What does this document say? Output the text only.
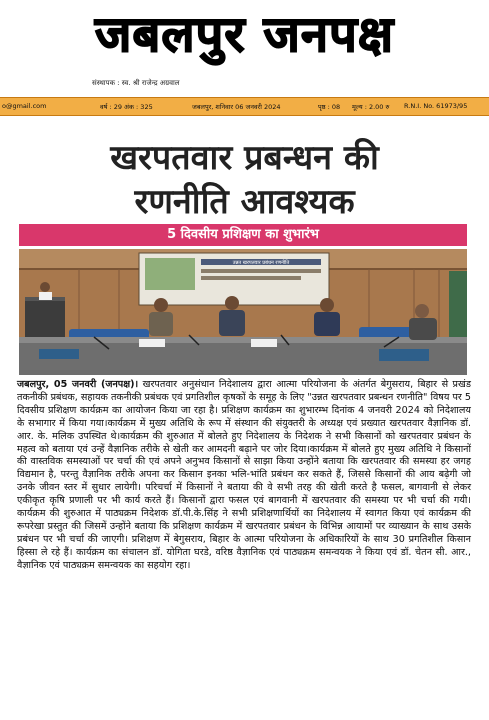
जबलपुर जनपक्ष
संस्थापक : स्व. श्री राजेन्द्र अग्रवाल
o@gmail.com	वर्ष : 29 अंक : 325	जबलपुर, शनिवार 06 जनवरी 2024	पृष्ठ : 08 मूल्य : 2.00 रु R.N.I. No. 61973/95
खरपतवार प्रबन्धन की
रणनीति आवश्यक
5 दिवसीय प्रशिक्षण का शुभारंभ
उन्नत खरपतवार प्रबंधन रणनीति
जबलपुर, 05 जनवरी (जनपक्ष)। खरपतवार अनुसंधान निदेशालय द्वारा आत्मा परियोजना के अंतर्गत बेगुसराय, बिहार से प्रखंड तकनीकी प्रबंधक, सहायक तकनीकी प्रबंधक एवं प्रगतिशील कृषकों के समूह के लिए "उन्नत खरपतवार प्रबन्धन रणनीति" विषय पर 5 दिवसीय प्रशिक्षण कार्यक्रम का आयोजन किया जा रहा है। प्रशिक्षण कार्यक्रम का शुभारम्भ दिनांक 4 जनवरी 2024 को निदेशालय के सभागार में किया गया।कार्यक्रम में मुख्य अतिथि के रूप में संस्थान की संयुक्तरी के अध्यक्ष एवं प्रख्यात खरपतवार वैज्ञानिक डॉ. आर. के. मलिक उपस्थित थे।कार्यक्रम की शुरुआत में बोलते हुए निदेशालय के निदेशक ने सभी किसानों को खरपतवार प्रबंधन के महत्व को बताया एवं उन्हें वैज्ञानिक तरीके से खेती कर आमदनी बढ़ाने पर जोर दिया।कार्यक्रम में बोलते हुए मुख्य अतिथि ने किसानों की वास्तविक समस्याओं पर चर्चा की एवं अपने अनुभव किसानों से साझा किया उन्होंने बताया कि खरपतवार की समस्या हर जगह विद्यमान है, परन्तु वैज्ञानिक तरीके अपना कर किसान इनका भलि-भांति प्रबंधन कर सकते हैं, जिससे किसानों की आय बढ़ेगी जो उनके जीवन स्तर में सुधार लायेगी। परिचर्चा में किसानों ने बताया की वे सभी तरह की खेती करते है फसल, बागवानी से लेकर एकीकृत कृषि प्रणाली पर भी कार्य करते हैं। किसानों द्वारा फसल एवं बागवानी में खरपतवार की समस्या पर भी चर्चा की गयी। कार्यक्रम की शुरुआत में पाठ्यक्रम निदेशक डॉ.पी.के.सिंह ने सभी प्रशिक्षणार्थियों का निदेशालय में स्वागत किया एवं कार्यक्रम की रूपरेखा प्रस्तुत की जिसमें उन्होंने बताया कि प्रशिक्षण कार्यक्रम में खरपतवार प्रबंधन के विभिन्न आयामों पर व्याख्यान के साथ उसके प्रबंधन पर भी चर्चा की जाएगी। प्रशिक्षण में बेगुसराय, बिहार के आत्मा परियोजना के अधिकारियों के साथ 30 प्रगतिशील किसान हिस्सा ले रहे हैं। कार्यक्रम का संचालन डॉ. योगिता घरडे, वरिष्ठ वैज्ञानिक एवं पाठ्यक्रम समन्वयक ने किया एवं डॉ. चेतन सी. आर., वैज्ञानिक एवं पाठ्यक्रम समन्वयक का सहयोग रहा।
